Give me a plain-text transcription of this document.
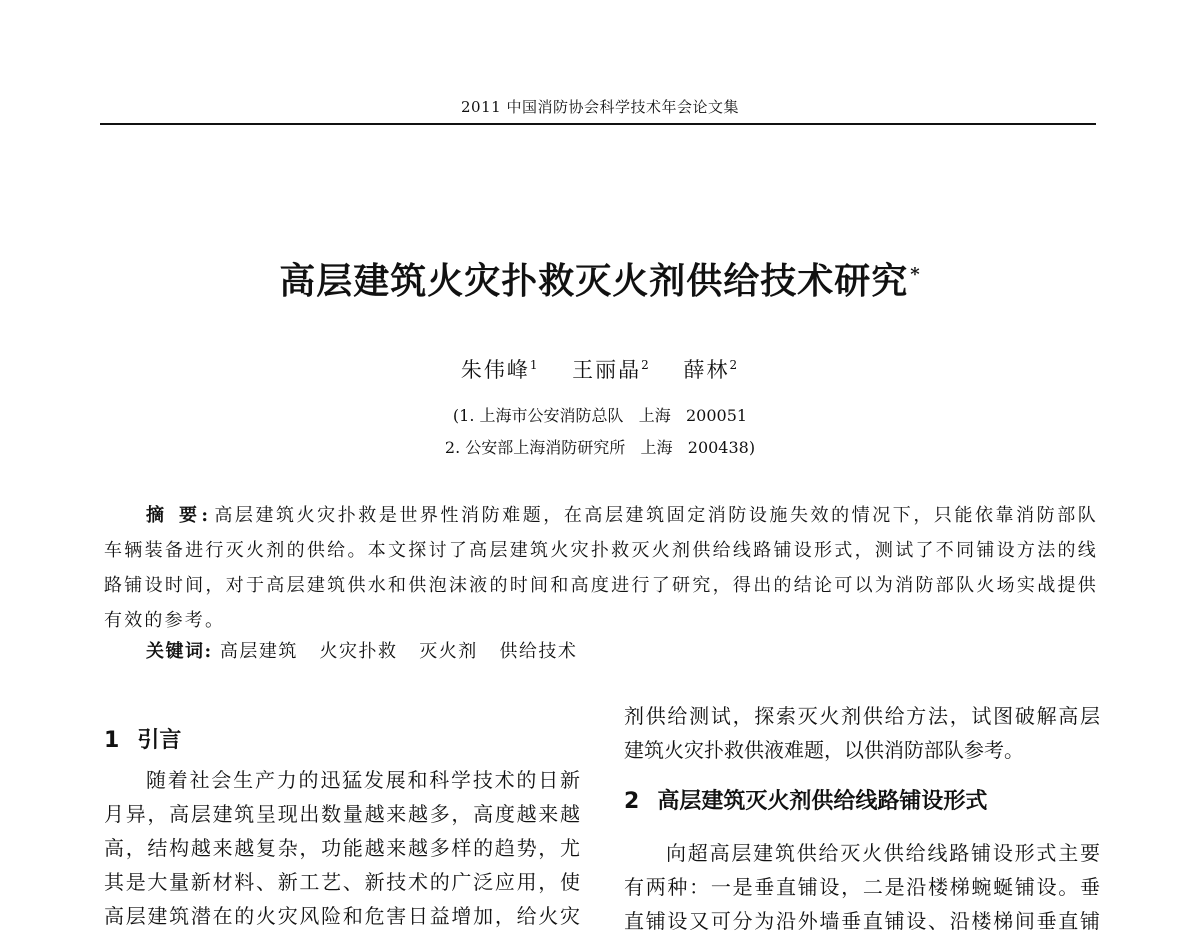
2011 中国消防协会科学技术年会论文集
高层建筑火灾扑救灭火剂供给技术研究 *
朱伟峰$^1$ 王丽晶$^2$ 薛林$^2$
(1. 上海市公安消防总队   上海   200051
2. 公安部上海消防研究所   上海   200438)
摘 要: 高层建筑火灾扑救是世界性消防难题，在高层建筑固定消防设施失效的情况下，只能依靠消防部队车辆装备进行灭火剂的供给。本文探讨了高层建筑火灾扑救灭火剂供给线路铺设形式，测试了不同铺设方法的线路铺设时间，对于高层建筑供水和供泡沫液的时间和高度进行了研究，得出的结论可以为消防部队火场实战提供有效的参考。
关键词: 高层建筑   火灾扑救   灭火剂   供给技术
1 引言
随着社会生产力的迅猛发展和科学技术的日新
月异，高层建筑呈现出数量越来越多，高度越来越
高，结构越来越复杂，功能越来越多样的趋势，尤
其是大量新材料、新工艺、新技术的广泛应用，使
高层建筑潜在的火灾风险和危害日益增加，给火灾
剂供给测试，探索灭火剂供给方法，试图破解高层
建筑火灾扑救供液难题，以供消防部队参考。
2 高层建筑灭火剂供给线路铺设形式
向超高层建筑供给灭火供给线路铺设形式主要
有两种：一是垂直铺设，二是沿楼梯蜿蜒铺设。垂
直铺设又可分为沿外墙垂直铺设、沿楼梯间垂直铺
